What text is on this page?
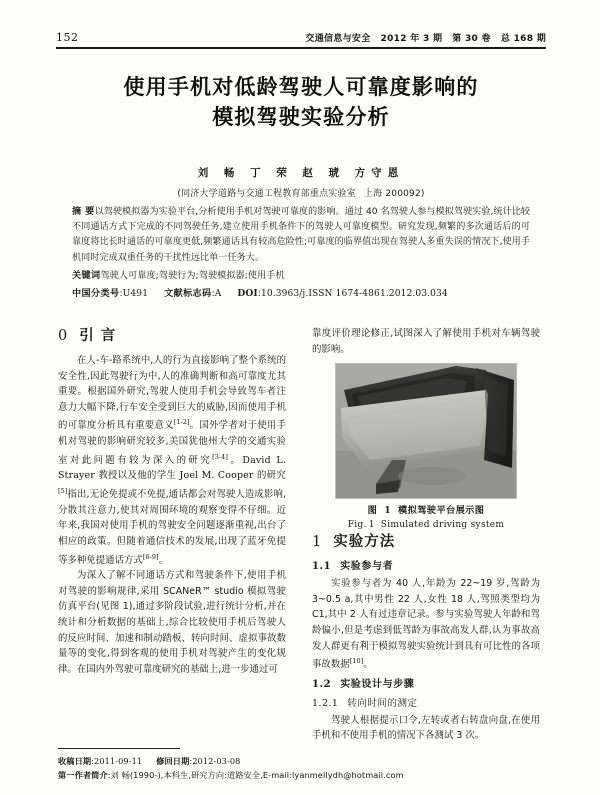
152	交通信息与安全 2012 年 3 期 第 30 卷 总 168 期
使用手机对低龄驾驶人可靠度影响的
模拟驾驶实验分析
刘 畅 丁 荣 赵 琥 方守恩
(同济大学道路与交通工程教育部重点实验室 上海 200092)
摘 要以驾驶模拟器为实验平台,分析使用手机对驾驶可靠度的影响。通过 40 名驾驶人参与模拟驾驶实验,统计比较不同通话方式下完成的不同驾驶任务,建立使用手机条件下的驾驶人可靠度模型。研究发现,频繁的多次通话后的可靠度将比长时通话的可靠度更低,频繁通话具有较高危险性;可靠度的临界值出现在驾驶人多重失误的情况下,使用手机同时完成双重任务的干扰性远比单一任务大。
关键词驾驶人可靠度;驾驶行为;驾驶模拟器;使用手机
中国分类号:U491 文献标志码:A DOI:10.3963/j.ISSN 1674-4861.2012.03.034
0 引 言

在人-车-路系统中,人的行为直接影响了整个系统的安全性,因此驾驶行为中,人的准确判断和高可靠度尤其重要。根据国外研究,驾驶人使用手机会导致驾车者注意力大幅下降,行车安全受到巨大的威胁,因而使用手机的可靠度分析具有重要意义[1-2]。国外学者对于使用手机对驾驶的影响研究较多,美国犹他州大学的交通实验室对此问题有较为深入的研究[3-4]。David L. Strayer 教授以及他的学生 Joel M. Cooper 的研究[5]指出,无论免提或不免提,通话都会对驾驶人造成影响,分散其注意力,使其对周围环境的观察变得不仔细。近年来,我国对使用手机的驾驶安全问题逐渐重视,出台了相应的政策。但随着通信技术的发展,出现了蓝牙免提等多种免提通话方式[6-9]。

为深入了解不同通话方式和驾驶条件下,使用手机对驾驶的影响规律,采用 SCANeR™ studio 模拟驾驶仿真平台(见图 1),通过多阶段试验,进行统计分析,并在统计和分析数据的基础上,综合比较使用手机后驾驶人的反应时间、加速和制动踏板、转向时间、虚拟事故数量等的变化,得到客观的使用手机对驾驶产生的变化规律。在国内外驾驶可靠度研究的基础上,进一步通过可

靠度评价理论修正,试图深入了解使用手机对车辆驾驶的影响。

图 1 模拟驾驶平台展示图
Fig. 1 Simulated driving system
1 实验方法
1.1 实验参与者

实验参与者为 40 人,年龄为 22~19 岁,驾龄为 3~0.5 a,其中男性 22 人,女性 18 人,驾照类型均为 C1,其中 2 人有过违章记录。参与实验驾驶人年龄和驾龄偏小,但是考虑到低驾龄为事故高发人群,认为事故高发人群更有利于模拟驾驶实验统计到具有可比性的各项事故数据[10]。

1.2 实验设计与步骤
1.2.1 转向时间的测定

驾驶人根据提示口令,左转或者右转盘向盘,在使用手机和不使用手机的情况下各测试 3 次。

收稿日期:2011-09-11 修回日期:2012-03-08
第一作者简介:刘 畅(1990-),本科生,研究方向:道路安全,E-mail:lyanmellydh@hotmail.com
